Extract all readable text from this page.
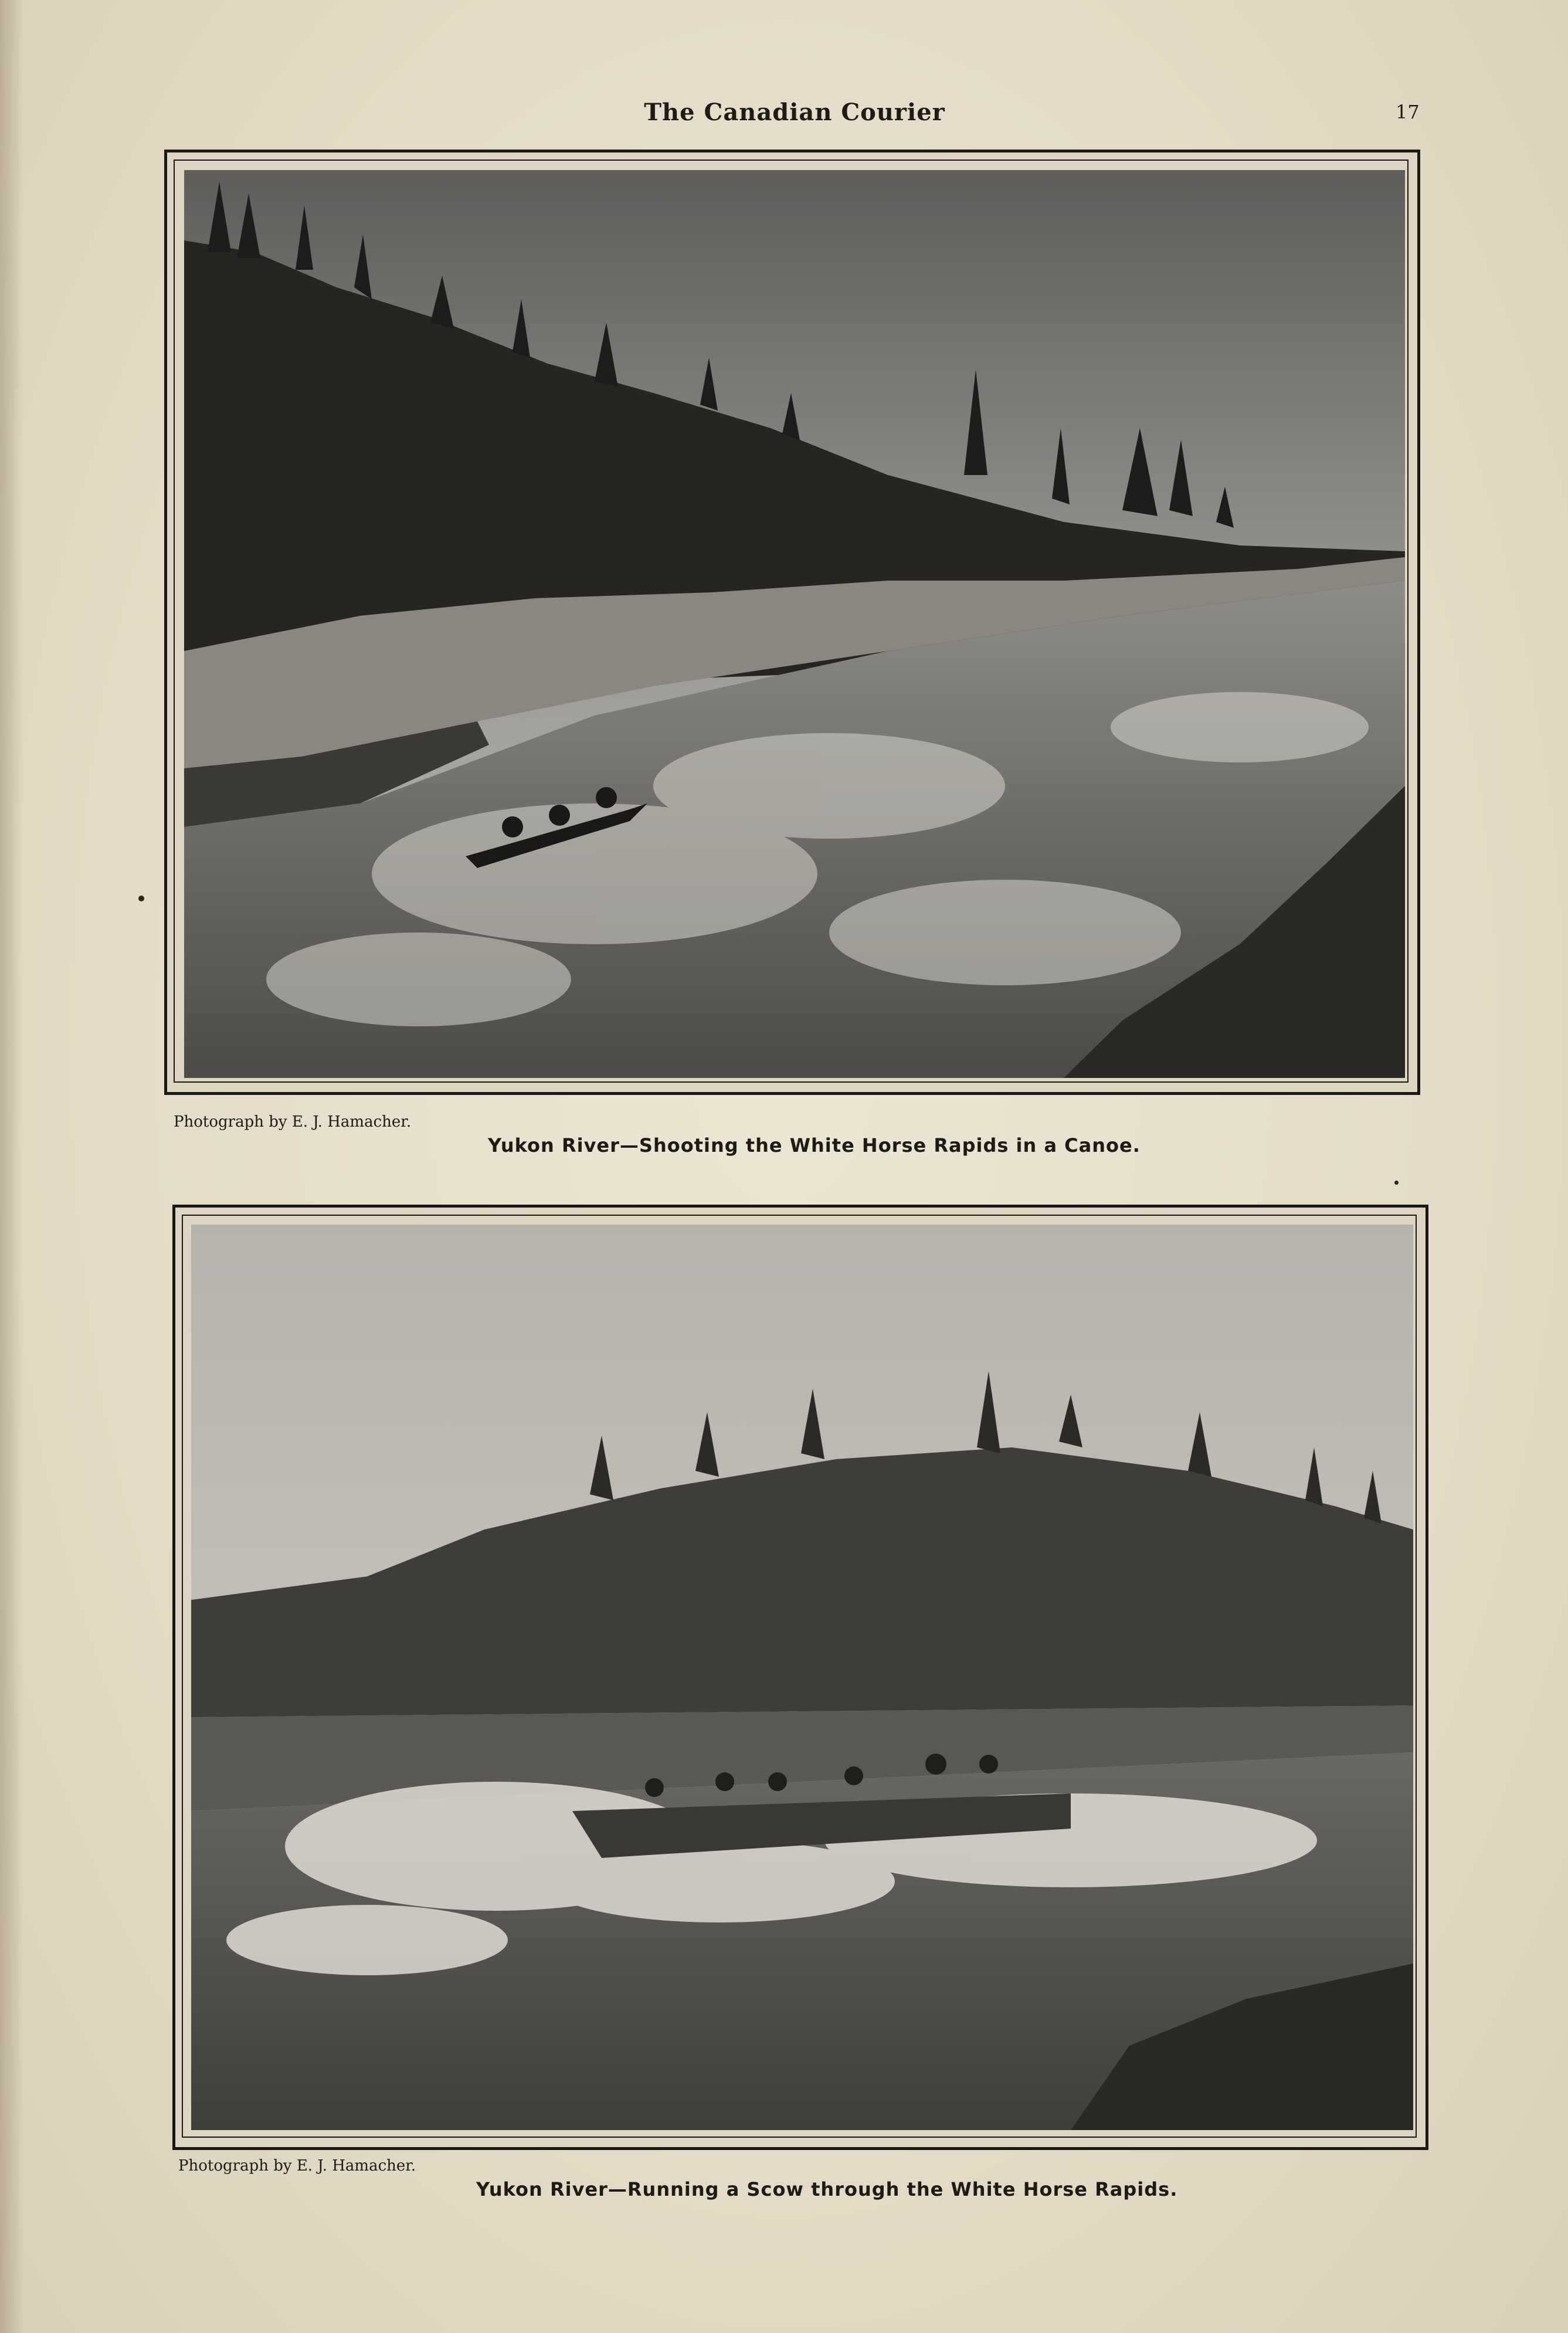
The Canadian Courier	17
Photograph by E. J. Hamacher.
Yukon River—Shooting the White Horse Rapids in a Canoe.
Photograph by E. J. Hamacher.
Yukon River—Running a Scow through the White Horse Rapids.
